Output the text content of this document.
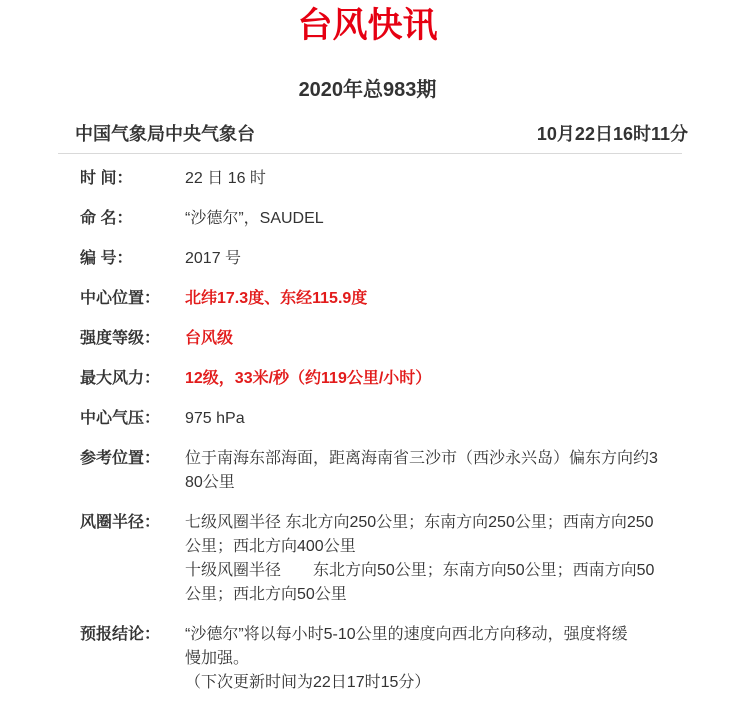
台风快讯
2020年总983期
中国气象局中央气象台	10月22日16时11分
时 间：	22 日 16 时
命 名：	“沙德尔”，SAUDEL
编 号：	2017 号
中心位置：	北纬17.3度、东经115.9度
强度等级：	台风级
最大风力：	12级，33米/秒（约119公里/小时）
中心气压：	975 hPa
参考位置：	位于南海东部海面，距离海南省三沙市（西沙永兴岛）偏东方向约3
80公里
风圈半径：	七级风圈半径 东北方向250公里；东南方向250公里；西南方向250
公里；西北方向400公里
十级风圈半径　　东北方向50公里；东南方向50公里；西南方向50
公里；西北方向50公里
预报结论：	“沙德尔”将以每小时5-10公里的速度向西北方向移动，强度将缓
慢加强。
（下次更新时间为22日17时15分）
